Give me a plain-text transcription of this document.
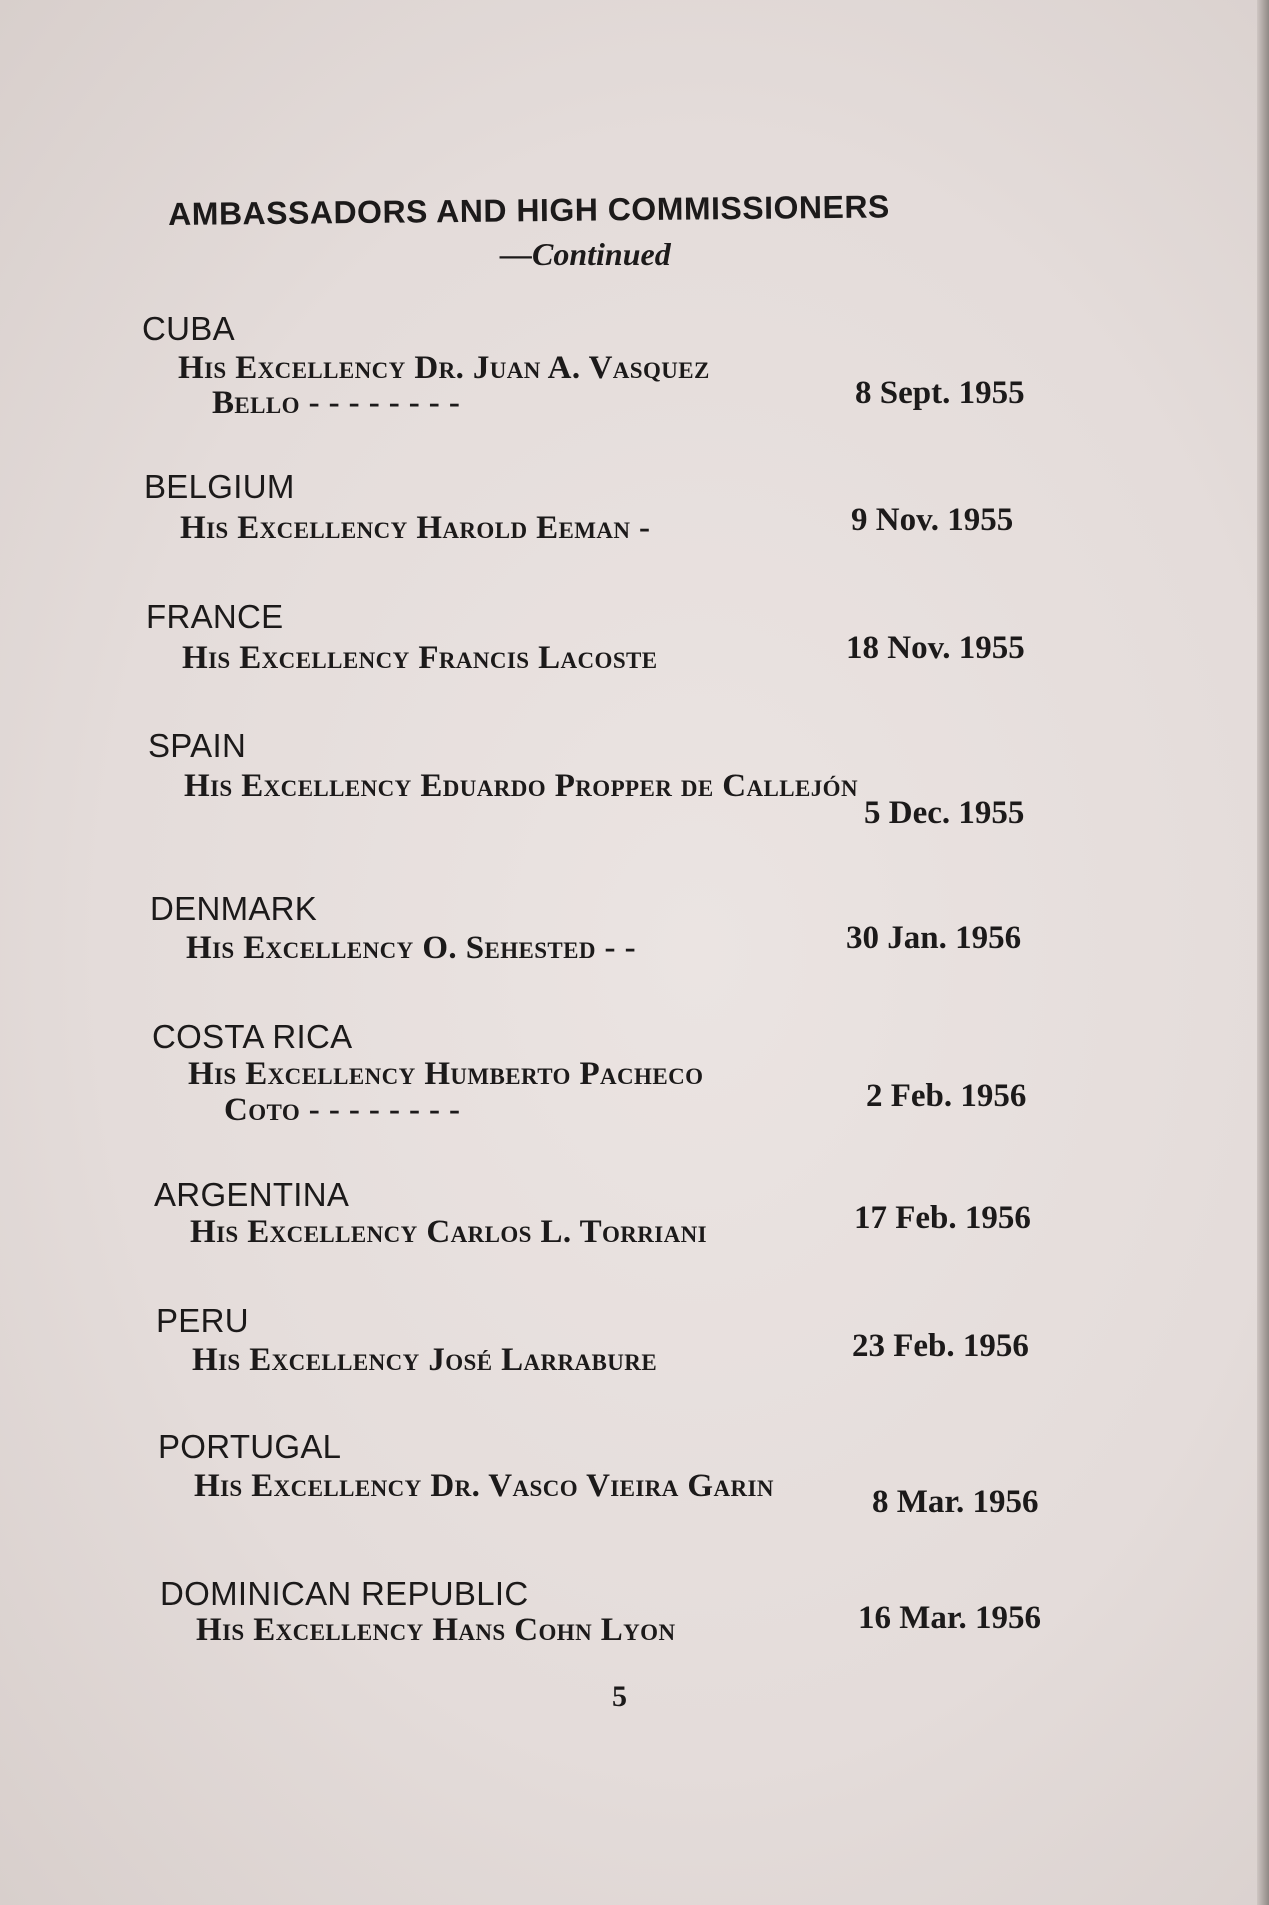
AMBASSADORS AND HIGH COMMISSIONERS
—Continued
CUBA
His Excellency Dr. Juan A. Vasquez
Bello - - - - - - - -	8 Sept. 1955
BELGIUM
His Excellency Harold Eeman -	9 Nov. 1955
FRANCE
His Excellency Francis Lacoste	18 Nov. 1955
SPAIN
His Excellency Eduardo Propper de Callejón
5 Dec. 1955
DENMARK
His Excellency O. Sehested - -	30 Jan. 1956
COSTA RICA
His Excellency Humberto Pacheco
Coto - - - - - - - -	2 Feb. 1956
ARGENTINA
His Excellency Carlos L. Torriani	17 Feb. 1956
PERU
His Excellency José Larrabure	23 Feb. 1956
PORTUGAL
His Excellency Dr. Vasco Vieira Garin	8 Mar. 1956
DOMINICAN REPUBLIC
His Excellency Hans Cohn Lyon	16 Mar. 1956
5
